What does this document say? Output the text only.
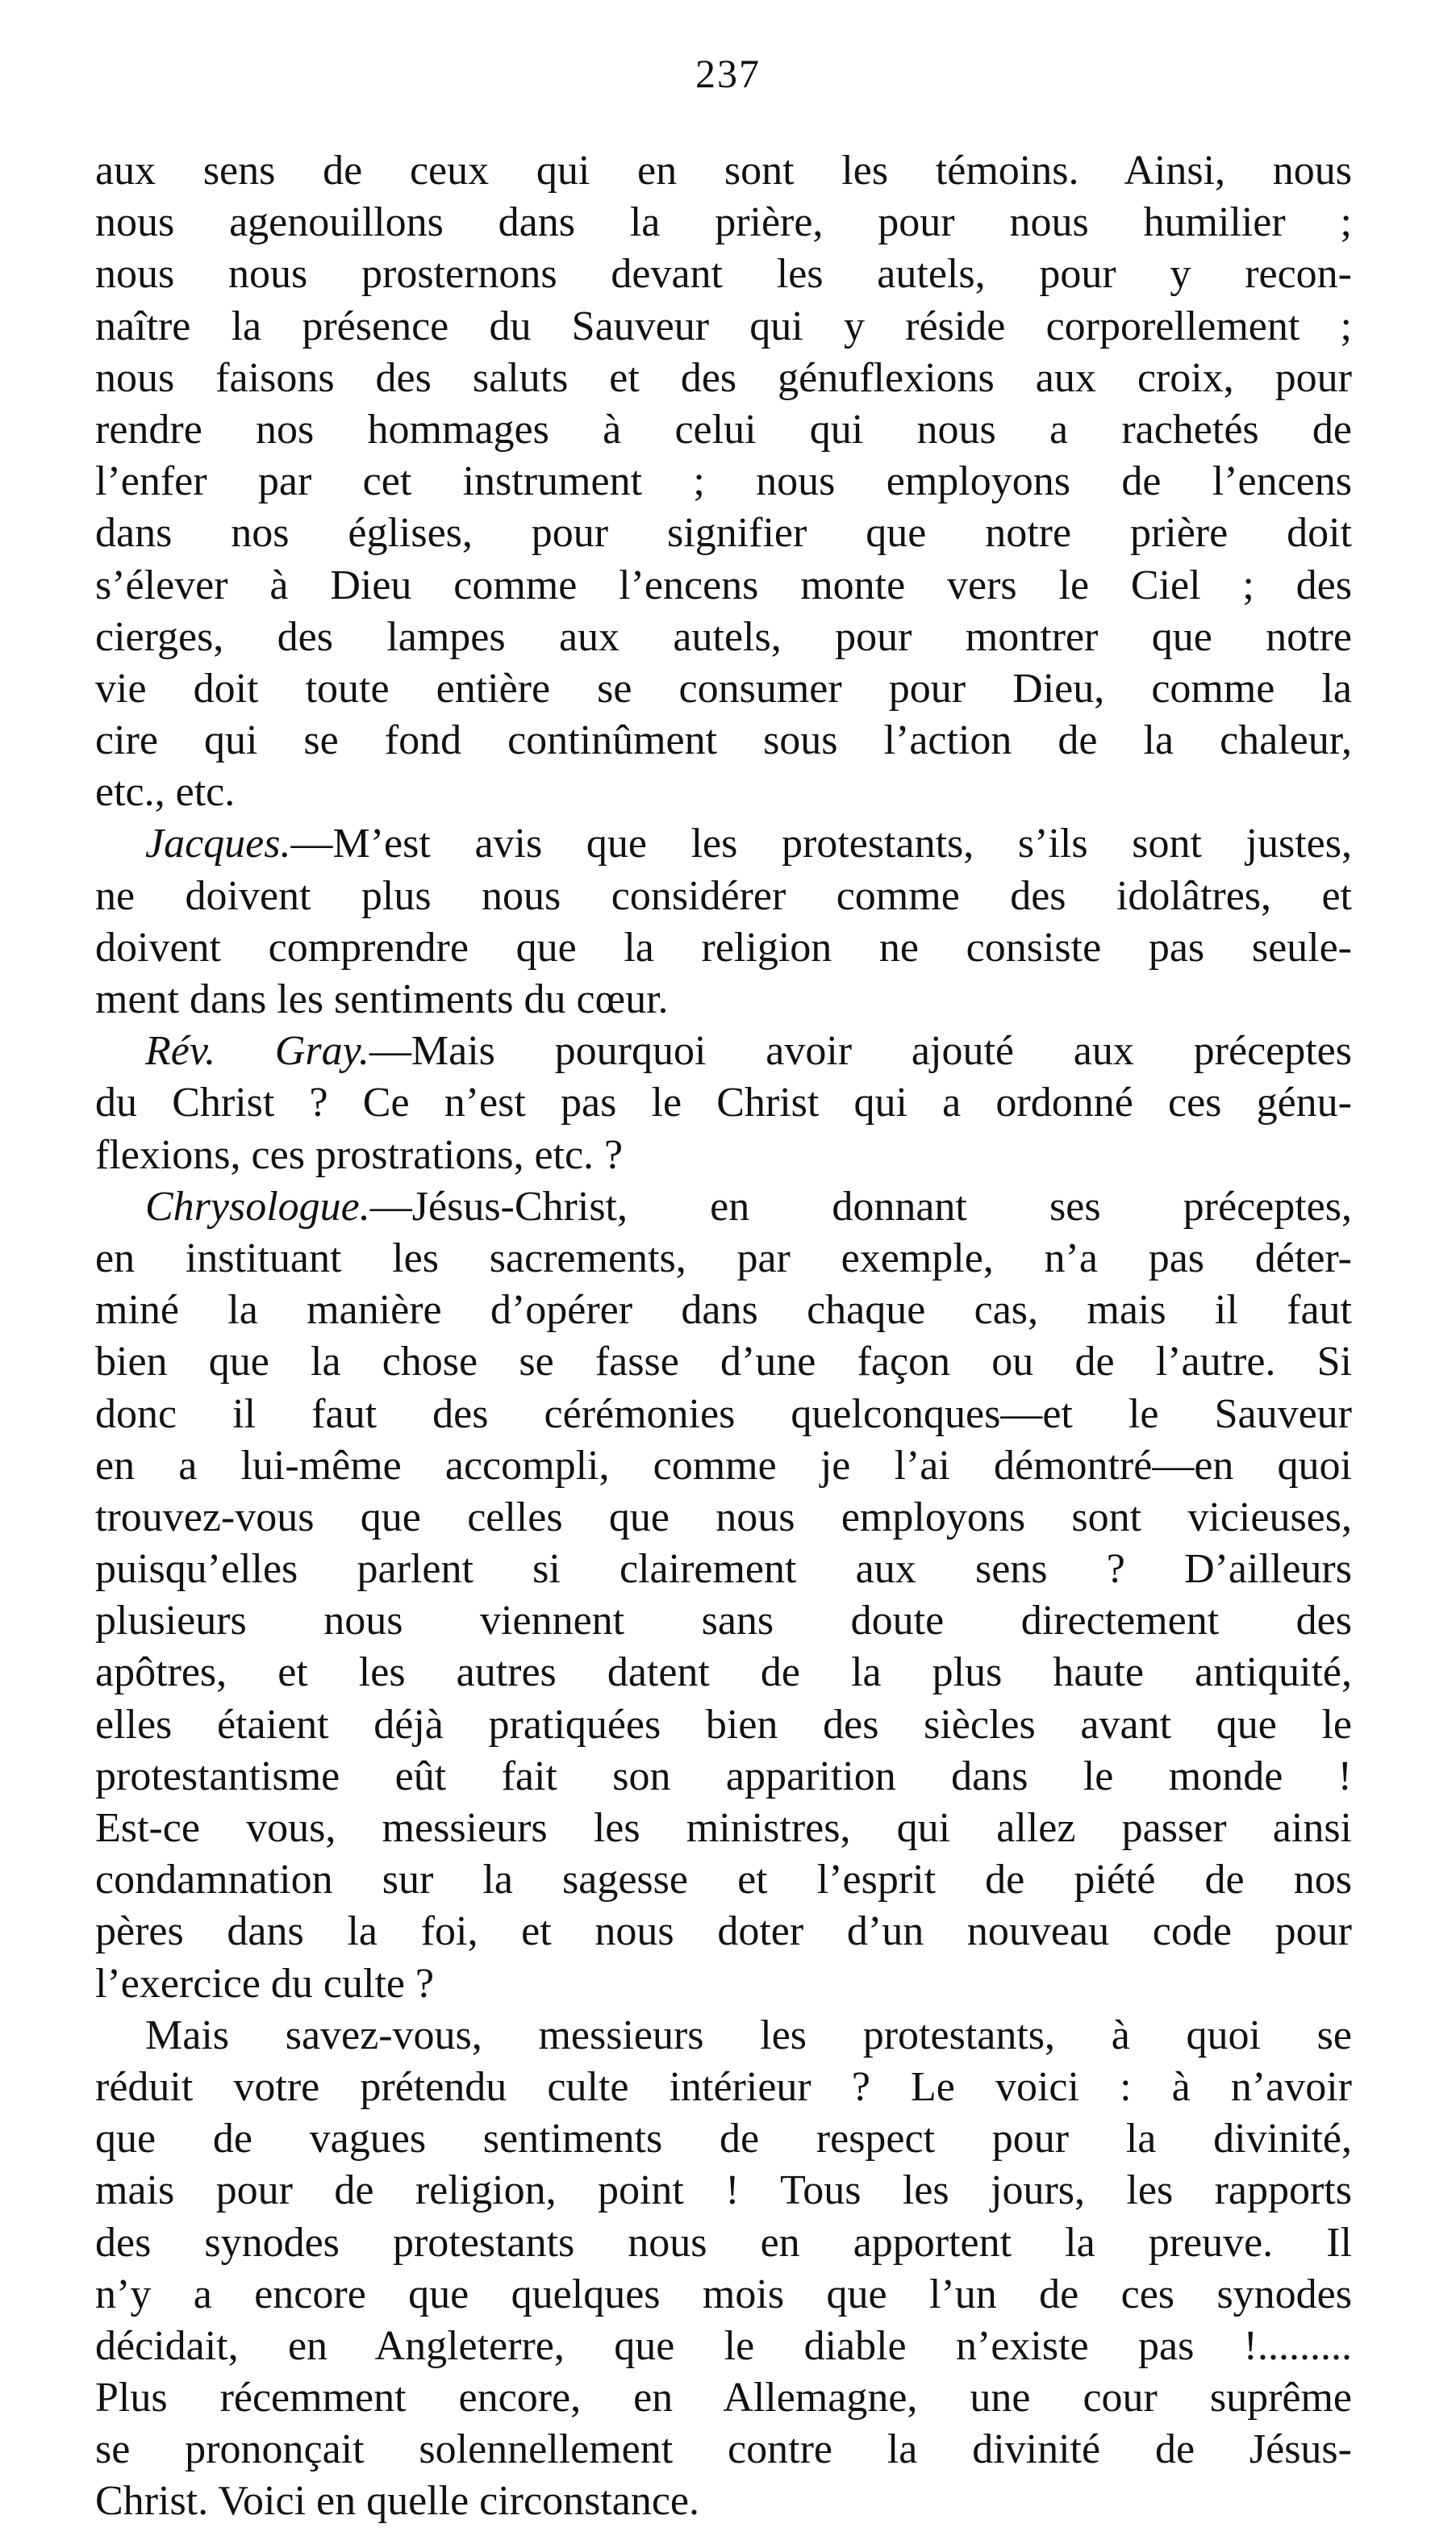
237
aux sens de ceux qui en sont les témoins. Ainsi, nous
nous agenouillons dans la prière, pour nous humilier ;
nous nous prosternons devant les autels, pour y recon-
naître la présence du Sauveur qui y réside corporellement ;
nous faisons des saluts et des génuflexions aux croix, pour
rendre nos hommages à celui qui nous a rachetés de
l’enfer par cet instrument ; nous employons de l’encens
dans nos églises, pour signifier que notre prière doit
s’élever à Dieu comme l’encens monte vers le Ciel ; des
cierges, des lampes aux autels, pour montrer que notre
vie doit toute entière se consumer pour Dieu, comme la
cire qui se fond continûment sous l’action de la chaleur,
etc., etc.
Jacques.—M’est avis que les protestants, s’ils sont justes,
ne doivent plus nous considérer comme des idolâtres, et
doivent comprendre que la religion ne consiste pas seule-
ment dans les sentiments du cœur.
Rév. Gray.—Mais pourquoi avoir ajouté aux préceptes
du Christ ? Ce n’est pas le Christ qui a ordonné ces génu-
flexions, ces prostrations, etc. ?
Chrysologue.—Jésus-Christ, en donnant ses préceptes,
en instituant les sacrements, par exemple, n’a pas déter-
miné la manière d’opérer dans chaque cas, mais il faut
bien que la chose se fasse d’une façon ou de l’autre. Si
donc il faut des cérémonies quelconques—et le Sauveur
en a lui-même accompli, comme je l’ai démontré—en quoi
trouvez-vous que celles que nous employons sont vicieuses,
puisqu’elles parlent si clairement aux sens ? D’ailleurs
plusieurs nous viennent sans doute directement des
apôtres, et les autres datent de la plus haute antiquité,
elles étaient déjà pratiquées bien des siècles avant que le
protestantisme eût fait son apparition dans le monde !
Est-ce vous, messieurs les ministres, qui allez passer ainsi
condamnation sur la sagesse et l’esprit de piété de nos
pères dans la foi, et nous doter d’un nouveau code pour
l’exercice du culte ?
Mais savez-vous, messieurs les protestants, à quoi se
réduit votre prétendu culte intérieur ? Le voici : à n’avoir
que de vagues sentiments de respect pour la divinité,
mais pour de religion, point ! Tous les jours, les rapports
des synodes protestants nous en apportent la preuve. Il
n’y a encore que quelques mois que l’un de ces synodes
décidait, en Angleterre, que le diable n’existe pas !.........
Plus récemment encore, en Allemagne, une cour suprême
se prononçait solennellement contre la divinité de Jésus-
Christ. Voici en quelle circonstance.
